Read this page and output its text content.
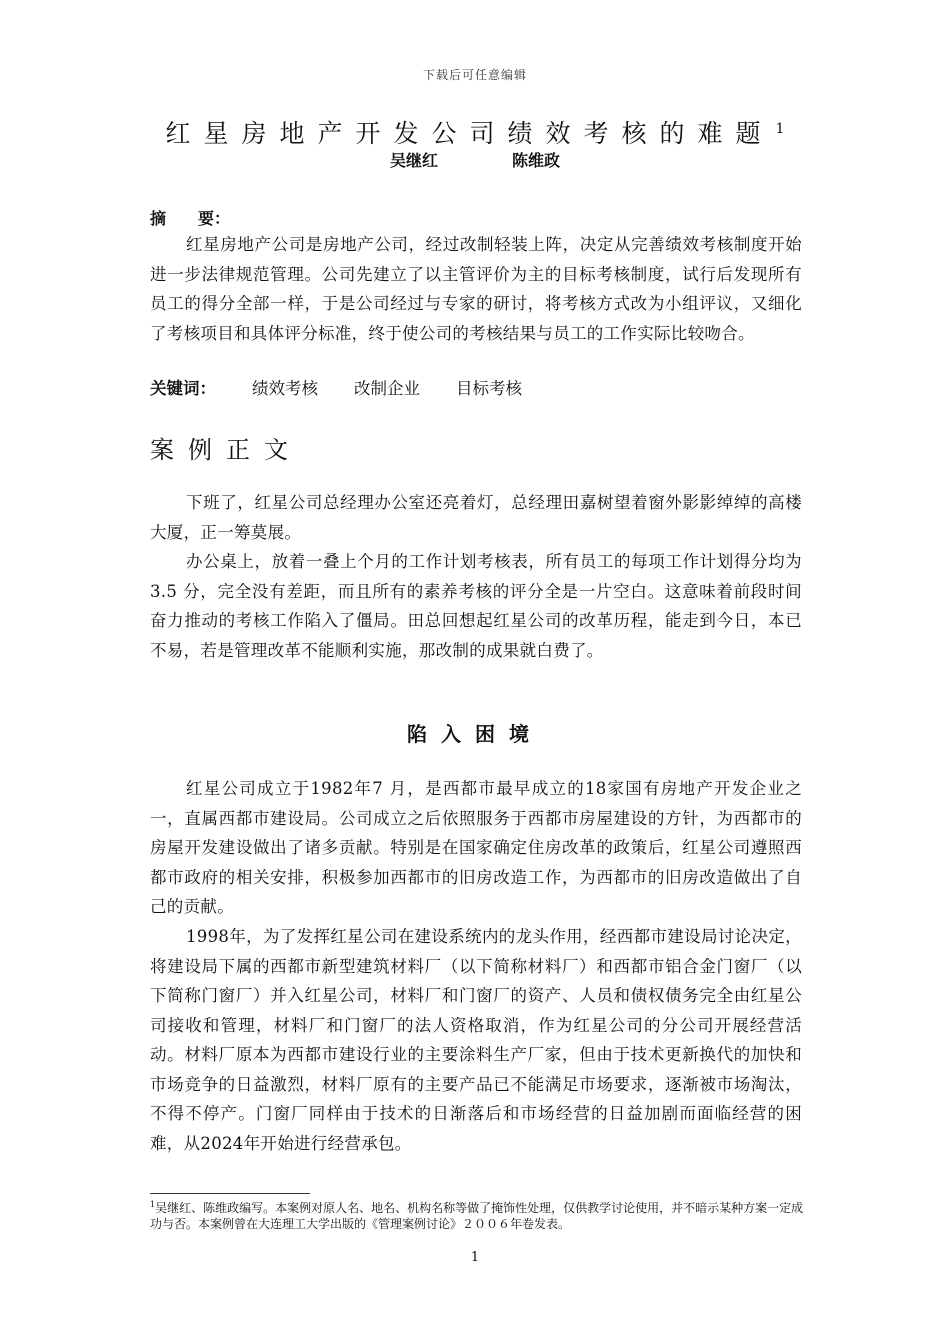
下载后可任意编辑
红星房地产开发公司绩效考核的难题 $^1$
吴继红	陈维政
摘　　要：

红星房地产公司是房地产公司，经过改制轻装上阵，决定从完善绩效考核制度开始进一步法律规范管理。公司先建立了以主管评价为主的目标考核制度，试行后发现所有员工的得分全部一样，于是公司经过与专家的研讨，将考核方式改为小组评议，又细化了考核项目和具体评分标准，终于使公司的考核结果与员工的工作实际比较吻合。

关键词： 绩效考核 改制企业 目标考核
案例正文

下班了，红星公司总经理办公室还亮着灯，总经理田嘉树望着窗外影影绰绰的高楼大厦，正一筹莫展。

办公桌上，放着一叠上个月的工作计划考核表，所有员工的每项工作计划得分均为3.5 分，完全没有差距，而且所有的素养考核的评分全是一片空白。这意味着前段时间奋力推动的考核工作陷入了僵局。田总回想起红星公司的改革历程，能走到今日，本已不易，若是管理改革不能顺利实施，那改制的成果就白费了。

陷入困境

红星公司成立于1982年7 月，是西都市最早成立的18家国有房地产开发企业之一，直属西都市建设局。公司成立之后依照服务于西都市房屋建设的方针，为西都市的房屋开发建设做出了诸多贡献。特别是在国家确定住房改革的政策后，红星公司遵照西都市政府的相关安排，积极参加西都市的旧房改造工作，为西都市的旧房改造做出了自己的贡献。

1998年，为了发挥红星公司在建设系统内的龙头作用，经西都市建设局讨论决定，将建设局下属的西都市新型建筑材料厂（以下简称材料厂）和西都市铝合金门窗厂（以下简称门窗厂）并入红星公司，材料厂和门窗厂的资产、人员和债权债务完全由红星公司接收和管理，材料厂和门窗厂的法人资格取消，作为红星公司的分公司开展经营活动。材料厂原本为西都市建设行业的主要涂料生产厂家，但由于技术更新换代的加快和市场竞争的日益激烈，材料厂原有的主要产品已不能满足市场要求，逐渐被市场淘汰，不得不停产。门窗厂同样由于技术的日渐落后和市场经营的日益加剧而面临经营的困难，从2024年开始进行经营承包。

$^1$吴继红、陈维政编写。本案例对原人名、地名、机构名称等做了掩饰性处理，仅供教学讨论使用，并不暗示某种方案一定成功与否。本案例曾在大连理工大学出版的《管理案例讨论》２００６年卷发表。

1
